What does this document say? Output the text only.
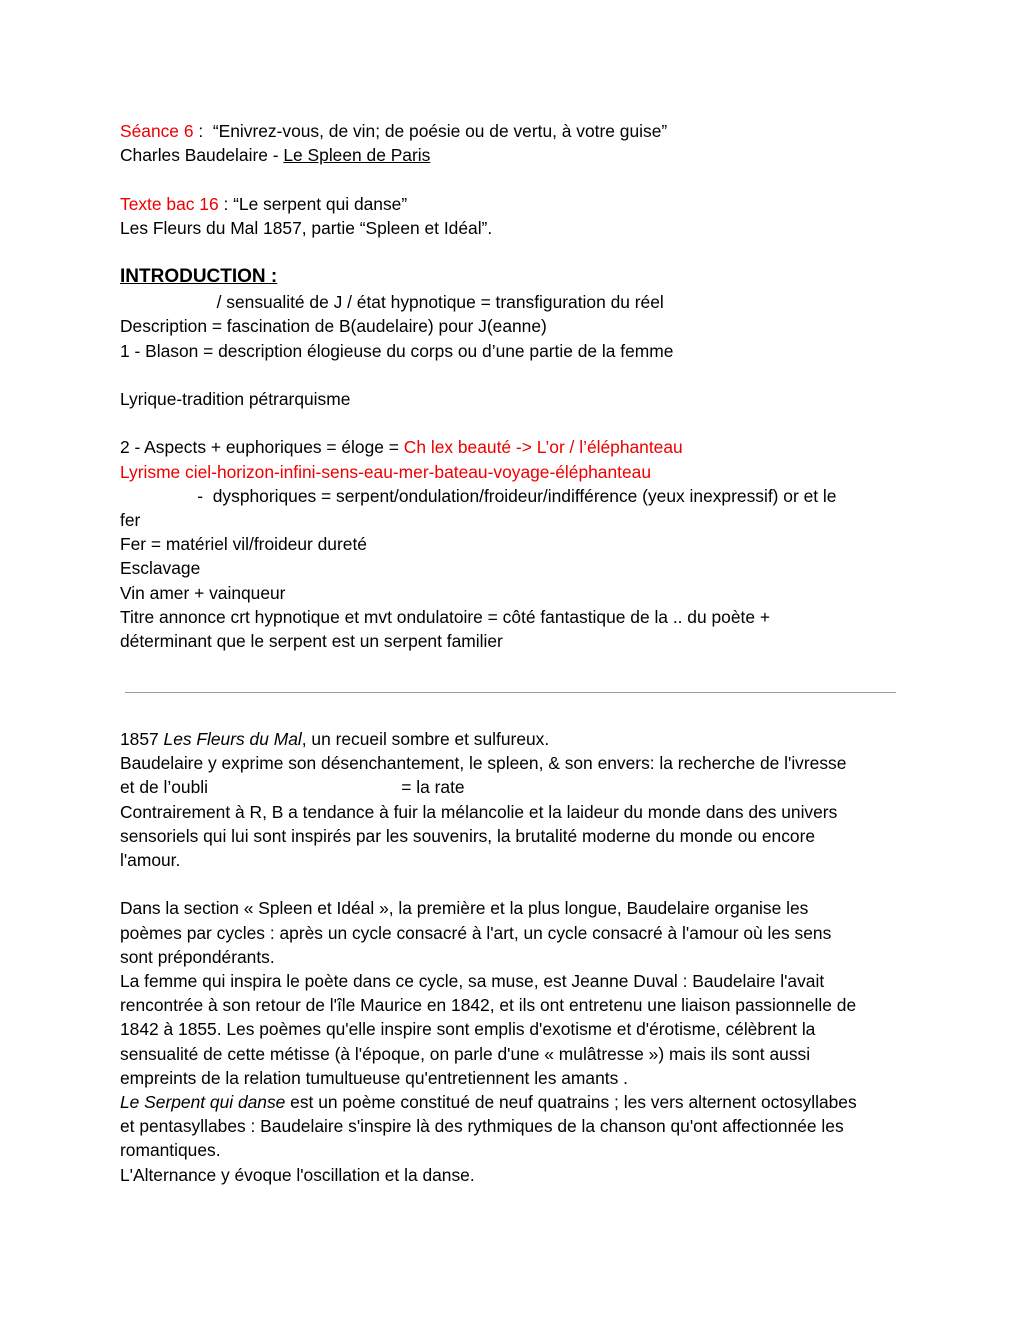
Séance 6 :  “Enivrez-vous, de vin; de poésie ou de vertu, à votre guise”
Charles Baudelaire - Le Spleen de Paris
Texte bac 16 : “Le serpent qui danse”
Les Fleurs du Mal 1857, partie “Spleen et Idéal”.
INTRODUCTION :
/ sensualité de J / état hypnotique = transfiguration du réel
Description = fascination de B(audelaire) pour J(eanne)
1 - Blason = description élogieuse du corps ou d’une partie de la femme
Lyrique-tradition pétrarquisme
2 - Aspects + euphoriques = éloge = Ch lex beauté -> L’or / l’éléphanteau
Lyrisme ciel-horizon-infini-sens-eau-mer-bateau-voyage-éléphanteau
-  dysphoriques = serpent/ondulation/froideur/indifférence (yeux inexpressif) or et le
fer
Fer = matériel vil/froideur dureté
Esclavage
Vin amer + vainqueur
Titre annonce crt hypnotique et mvt ondulatoire = côté fantastique de la .. du poète +
déterminant que le serpent est un serpent familier
1857 Les Fleurs du Mal, un recueil sombre et sulfureux.
Baudelaire y exprime son désenchantement, le spleen, & son envers: la recherche de l'ivresse
et de l’oubli                                        = la rate
Contrairement à R, B a tendance à fuir la mélancolie et la laideur du monde dans des univers
sensoriels qui lui sont inspirés par les souvenirs, la brutalité moderne du monde ou encore
l'amour.
Dans la section « Spleen et Idéal », la première et la plus longue, Baudelaire organise les
poèmes par cycles : après un cycle consacré à l'art, un cycle consacré à l'amour où les sens
sont prépondérants.
La femme qui inspira le poète dans ce cycle, sa muse, est Jeanne Duval : Baudelaire l'avait
rencontrée à son retour de l'île Maurice en 1842, et ils ont entretenu une liaison passionnelle de
1842 à 1855. Les poèmes qu'elle inspire sont emplis d'exotisme et d'érotisme, célèbrent la
sensualité de cette métisse (à l'époque, on parle d'une « mulâtresse ») mais ils sont aussi
empreints de la relation tumultueuse qu'entretiennent les amants .
Le Serpent qui danse est un poème constitué de neuf quatrains ; les vers alternent octosyllabes
et pentasyllabes : Baudelaire s'inspire là des rythmiques de la chanson qu'ont affectionnée les
romantiques.
L'Alternance y évoque l'oscillation et la danse.
